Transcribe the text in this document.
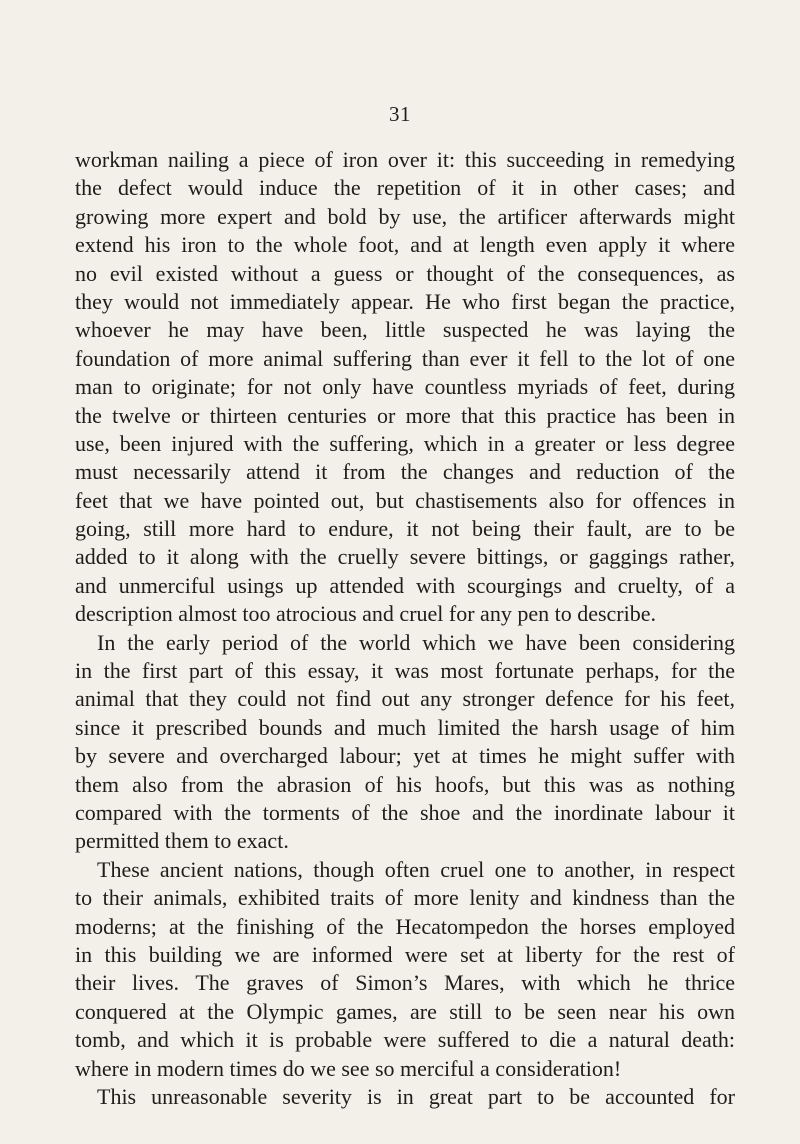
31
workman nailing a piece of iron over it: this succeeding in remedying
the defect would induce the repetition of it in other cases; and
growing more expert and bold by use, the artificer afterwards might
extend his iron to the whole foot, and at length even apply it where
no evil existed without a guess or thought of the consequences, as
they would not immediately appear. He who first began the practice,
whoever he may have been, little suspected he was laying the
foundation of more animal suffering than ever it fell to the lot of one
man to originate; for not only have countless myriads of feet, during
the twelve or thirteen centuries or more that this practice has been in
use, been injured with the suffering, which in a greater or less degree
must necessarily attend it from the changes and reduction of the
feet that we have pointed out, but chastisements also for offences in
going, still more hard to endure, it not being their fault, are to be
added to it along with the cruelly severe bittings, or gaggings rather,
and unmerciful usings up attended with scourgings and cruelty, of a
description almost too atrocious and cruel for any pen to describe.
In the early period of the world which we have been considering
in the first part of this essay, it was most fortunate perhaps, for the
animal that they could not find out any stronger defence for his feet,
since it prescribed bounds and much limited the harsh usage of him
by severe and overcharged labour; yet at times he might suffer with
them also from the abrasion of his hoofs, but this was as nothing
compared with the torments of the shoe and the inordinate labour it
permitted them to exact.
These ancient nations, though often cruel one to another, in respect
to their animals, exhibited traits of more lenity and kindness than the
moderns; at the finishing of the Hecatompedon the horses employed
in this building we are informed were set at liberty for the rest of
their lives. The graves of Simon’s Mares, with which he thrice
conquered at the Olympic games, are still to be seen near his own
tomb, and which it is probable were suffered to die a natural death:
where in modern times do we see so merciful a consideration!
This unreasonable severity is in great part to be accounted for
